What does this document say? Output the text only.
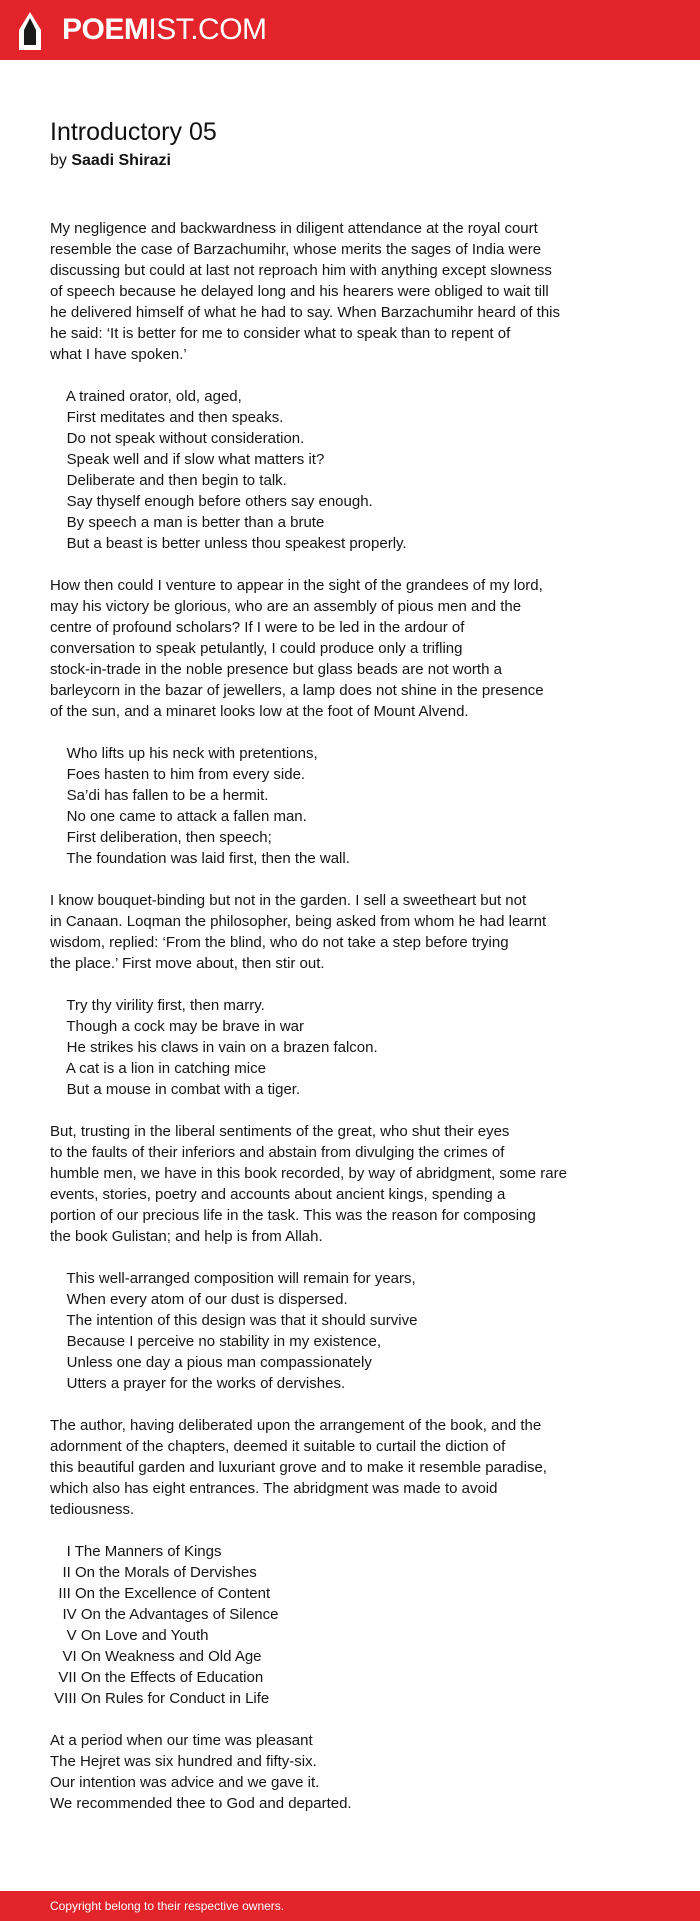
POEMIST.COM
Introductory 05
by Saadi Shirazi
My negligence and backwardness in diligent attendance at the royal court
resemble the case of Barzachumihr, whose merits the sages of India were
discussing but could at last not reproach him with anything except slowness
of speech because he delayed long and his hearers were obliged to wait till
he delivered himself of what he had to say. When Barzachumihr heard of this
he said: ‘It is better for me to consider what to speak than to repent of
what I have spoken.’

A trained orator, old, aged,
First meditates and then speaks.
Do not speak without consideration.
Speak well and if slow what matters it?
Deliberate and then begin to talk.
Say thyself enough before others say enough.
By speech a man is better than a brute
But a beast is better unless thou speakest properly.

How then could I venture to appear in the sight of the grandees of my lord,
may his victory be glorious, who are an assembly of pious men and the
centre of profound scholars? If I were to be led in the ardour of
conversation to speak petulantly, I could produce only a trifling
stock-in-trade in the noble presence but glass beads are not worth a
barleycorn in the bazar of jewellers, a lamp does not shine in the presence
of the sun, and a minaret looks low at the foot of Mount Alvend.

Who lifts up his neck with pretentions,
Foes hasten to him from every side.
Sa’di has fallen to be a hermit.
No one came to attack a fallen man.
First deliberation, then speech;
The foundation was laid first, then the wall.

I know bouquet-binding but not in the garden. I sell a sweetheart but not
in Canaan. Loqman the philosopher, being asked from whom he had learnt
wisdom, replied: ‘From the blind, who do not take a step before trying
the place.’ First move about, then stir out.

Try thy virility first, then marry.
Though a cock may be brave in war
He strikes his claws in vain on a brazen falcon.
A cat is a lion in catching mice
But a mouse in combat with a tiger.

But, trusting in the liberal sentiments of the great, who shut their eyes
to the faults of their inferiors and abstain from divulging the crimes of
humble men, we have in this book recorded, by way of abridgment, some rare
events, stories, poetry and accounts about ancient kings, spending a
portion of our precious life in the task. This was the reason for composing
the book Gulistan; and help is from Allah.

This well-arranged composition will remain for years,
When every atom of our dust is dispersed.
The intention of this design was that it should survive
Because I perceive no stability in my existence,
Unless one day a pious man compassionately
Utters a prayer for the works of dervishes.

The author, having deliberated upon the arrangement of the book, and the
adornment of the chapters, deemed it suitable to curtail the diction of
this beautiful garden and luxuriant grove and to make it resemble paradise,
which also has eight entrances. The abridgment was made to avoid
tediousness.

I The Manners of Kings
II On the Morals of Dervishes
III On the Excellence of Content
IV On the Advantages of Silence
V On Love and Youth
VI On Weakness and Old Age
VII On the Effects of Education
VIII On Rules for Conduct in Life

At a period when our time was pleasant
The Hejret was six hundred and fifty-six.
Our intention was advice and we gave it.
We recommended thee to God and departed.
Copyright belong to their respective owners.
